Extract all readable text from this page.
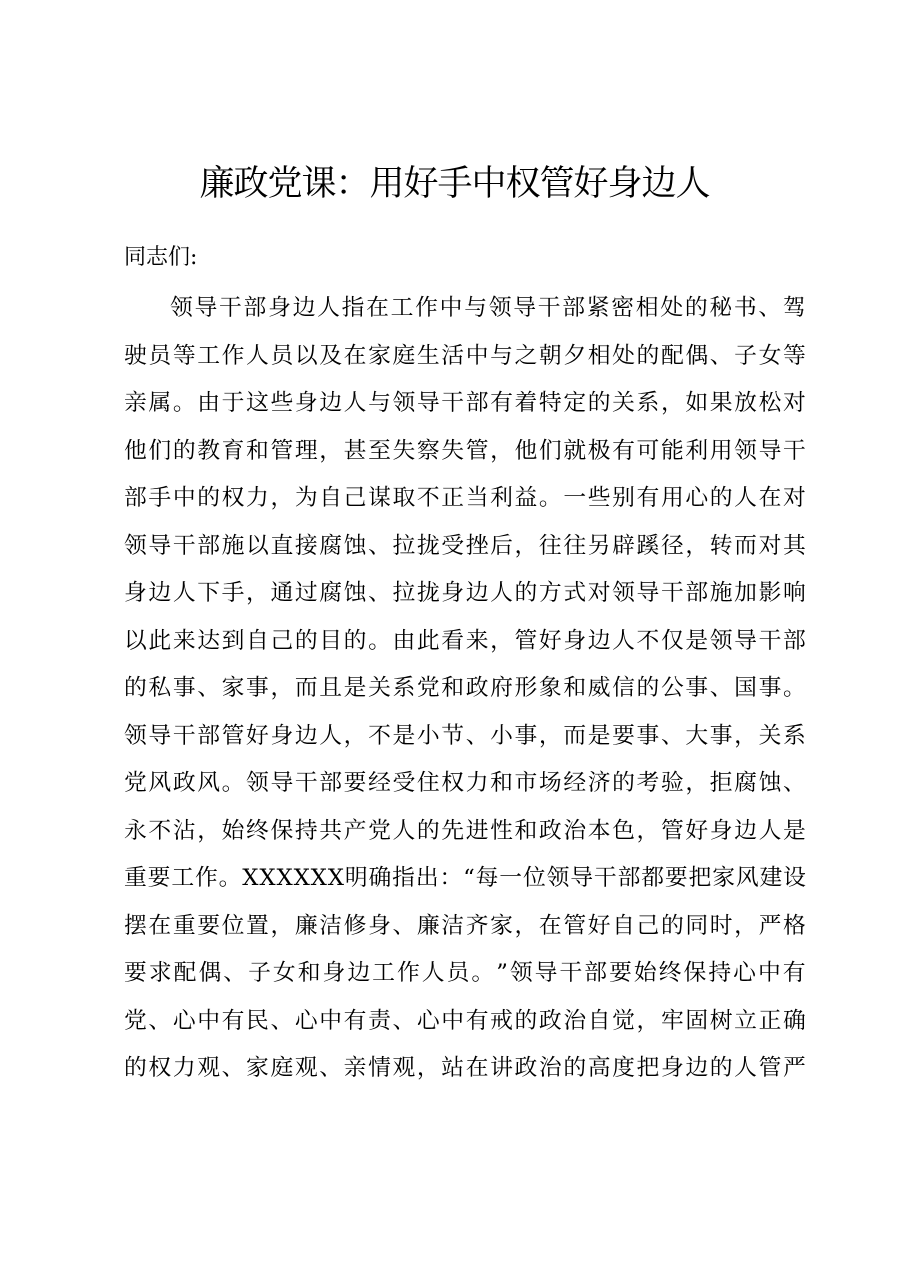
廉政党课：用好手中权管好身边人

同志们:

领 导 干 部 身 边 人 指 在 工 作 中 与 领 导 干 部 紧 密 相 处 的 秘 书 、 驾
驶 员 等 工 作 人 员 以 及 在 家 庭 生 活 中 与 之 朝 夕 相 处 的 配 偶 、 子 女 等
亲 属 。 由 于 这 些 身 边 人 与 领 导 干 部 有 着 特 定 的 关 系 ， 如 果 放 松 对
他 们 的 教 育 和 管 理 ， 甚 至 失 察 失 管 ， 他 们 就 极 有 可 能 利 用 领 导 干
部 手 中 的 权 力 ， 为 自 己 谋 取 不 正 当 利 益 。 一 些 别 有 用 心 的 人 在 对
领 导 干 部 施 以 直 接 腐 蚀 、 拉 拢 受 挫 后 ， 往 往 另 辟 蹊 径 ， 转 而 对 其
身 边 人 下 手 ， 通 过 腐 蚀 、 拉 拢 身 边 人 的 方 式 对 领 导 干 部 施 加 影 响
以 此 来 达 到 自 己 的 目 的 。 由 此 看 来 ， 管 好 身 边 人 不 仅 是 领 导 干 部
的 私 事 、 家 事 ， 而 且 是 关 系 党 和 政 府 形 象 和 威 信 的 公 事 、 国 事 。
领 导 干 部 管 好 身 边 人 ， 不 是 小 节 、 小 事 ， 而 是 要 事 、 大 事 ， 关 系
党 风 政 风 。 领 导 干 部 要 经 受 住 权 力 和 市 场 经 济 的 考 验 ， 拒 腐 蚀 、
永 不 沾 ， 始 终 保 持 共 产 党 人 的 先 进 性 和 政 治 本 色 ， 管 好 身 边 人 是
重 要 工 作 。 X X X X X X 明 确 指 出 ： “ 每 一 位 领 导 干 部 都 要 把 家 风 建 设
摆 在 重 要 位 置 ， 廉 洁 修 身 、 廉 洁 齐 家 ， 在 管 好 自 己 的 同 时 ， 严 格
要 求 配 偶 、 子 女 和 身 边 工 作 人 员 。 ” 领 导 干 部 要 始 终 保 持 心 中 有
党 、 心 中 有 民 、 心 中 有 责 、 心 中 有 戒 的 政 治 自 觉 ， 牢 固 树 立 正 确
的 权 力 观 、 家 庭 观 、 亲 情 观 ， 站 在 讲 政 治 的 高 度 把 身 边 的 人 管 严
